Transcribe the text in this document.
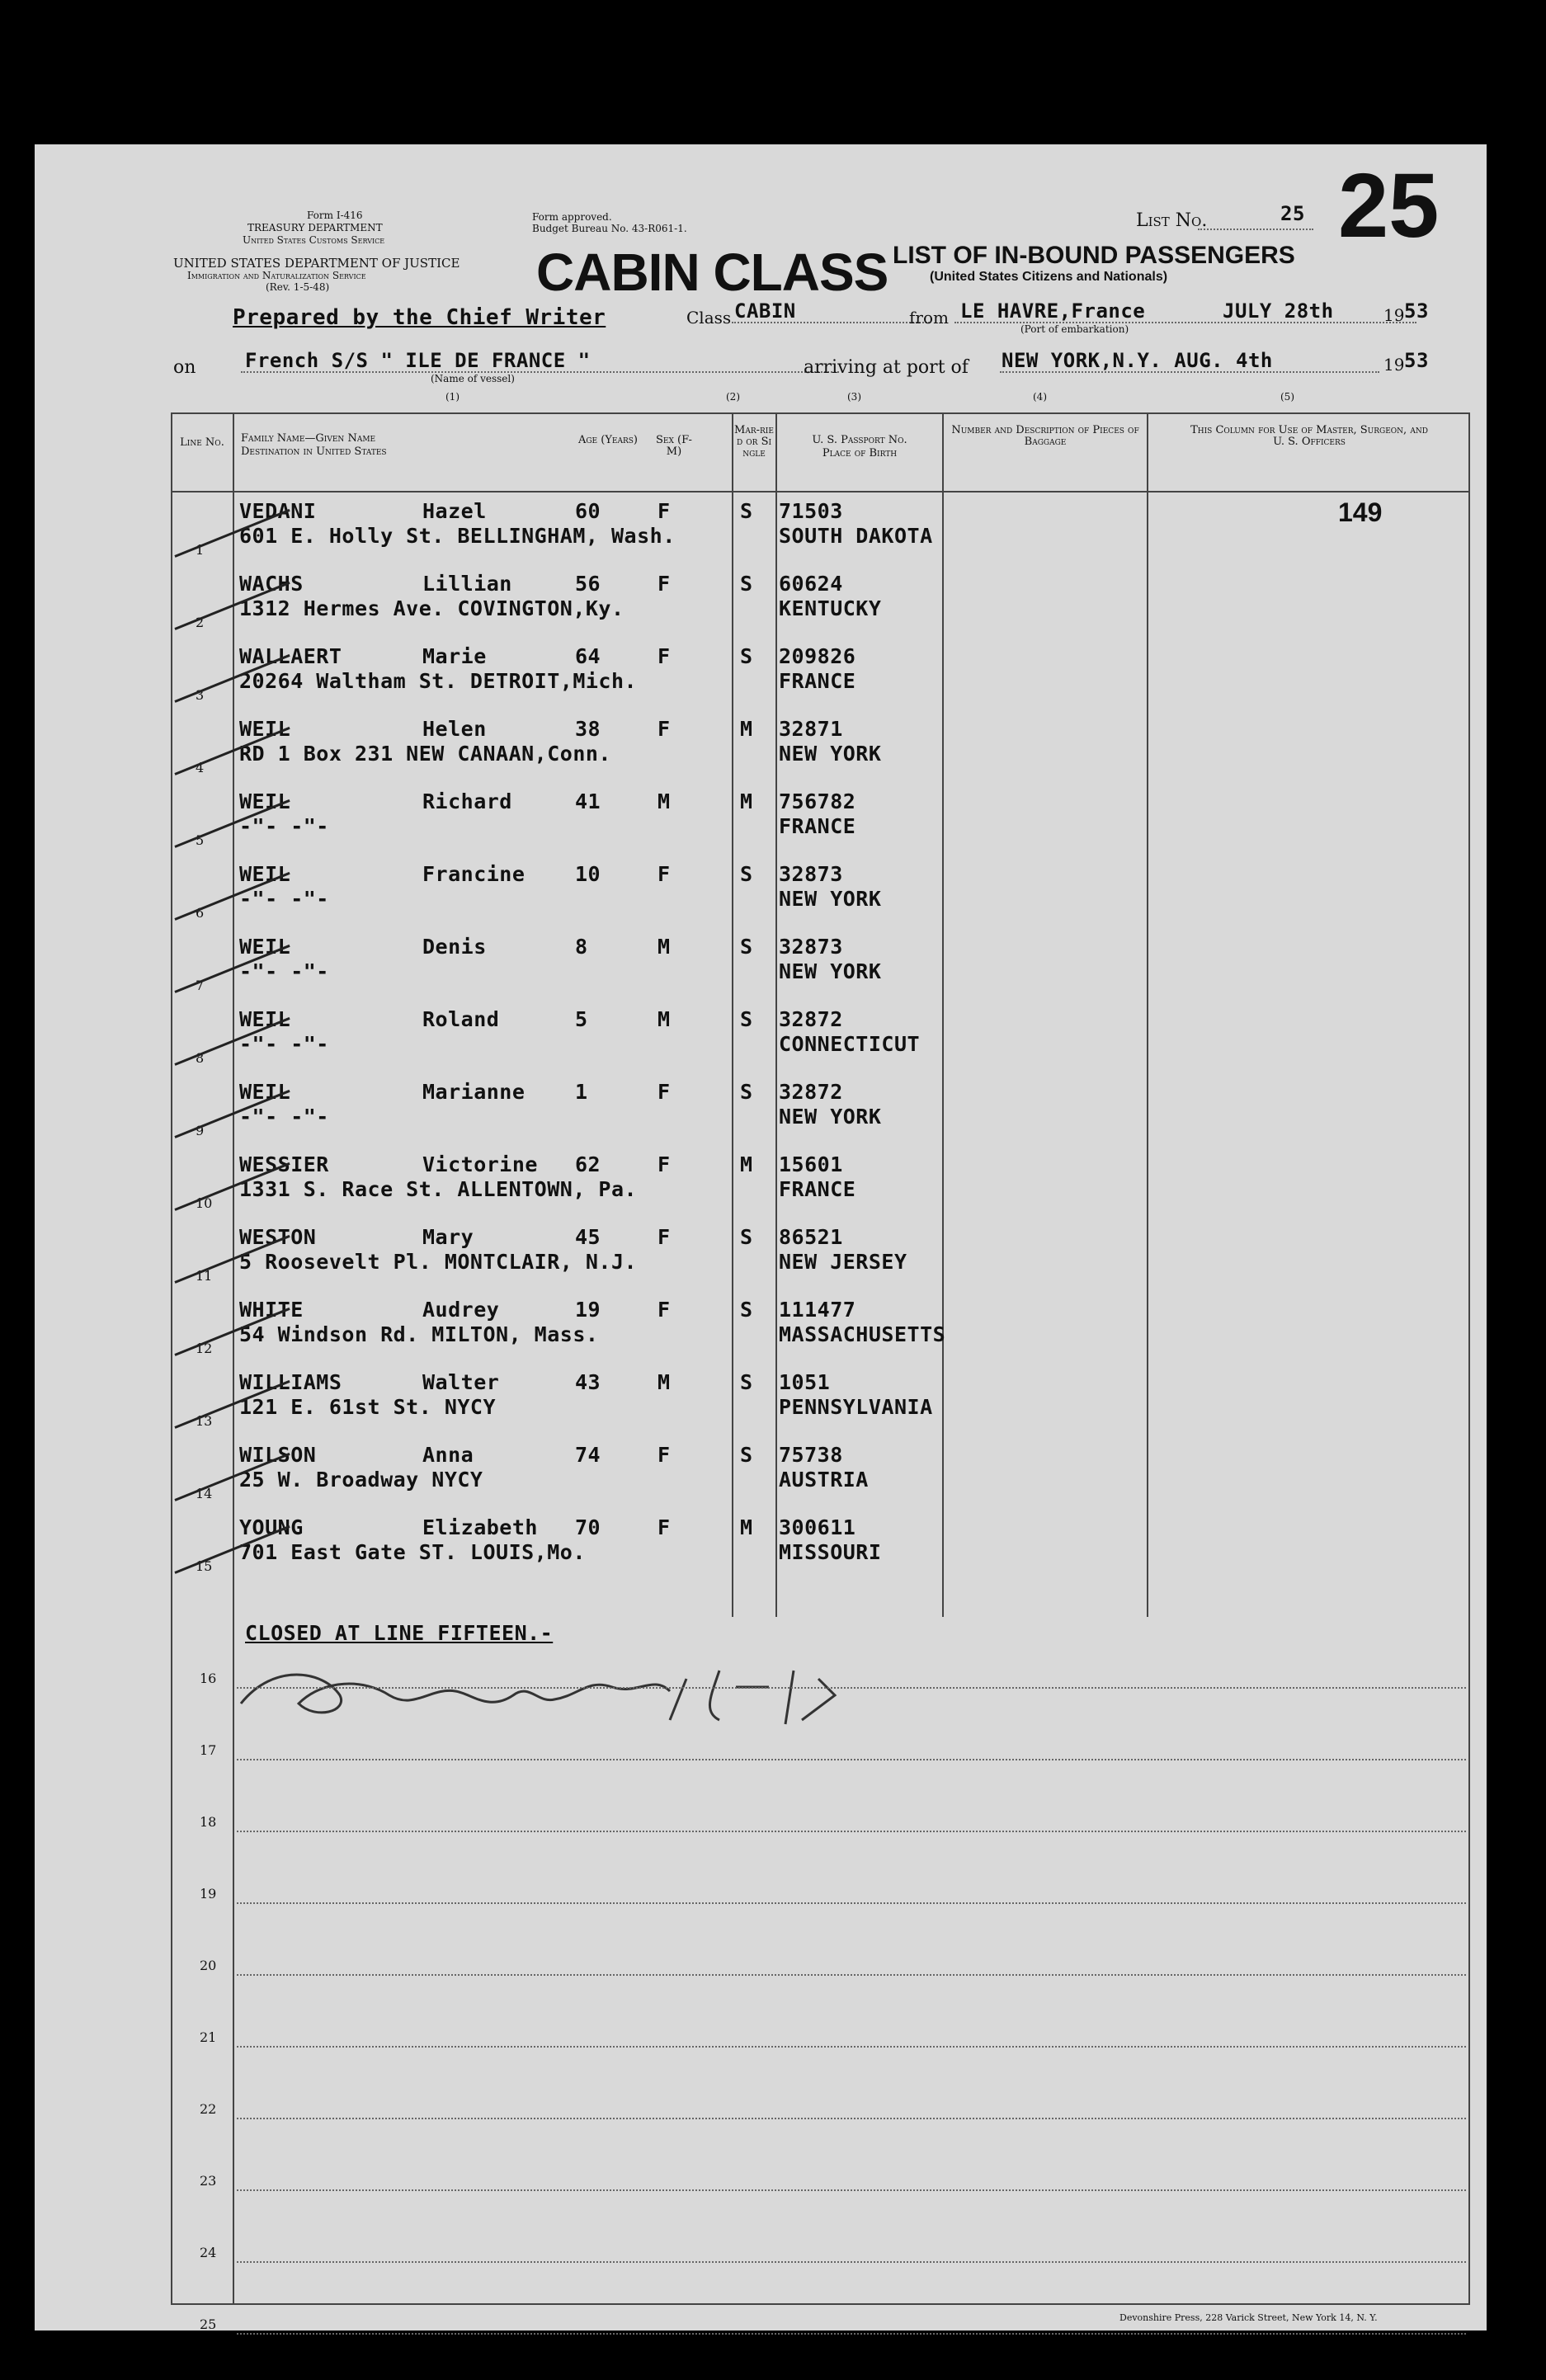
Form I-416
TREASURY DEPARTMENT
United States Customs Service
UNITED STATES DEPARTMENT OF JUSTICE
Immigration and Naturalization Service
(Rev. 1-5-48)
Form approved.
Budget Bureau No. 43-R061-1.
CABIN CLASS LIST OF IN-BOUND PASSENGERS
(United States Citizens and Nationals)
List No.	25 25
Prepared by the Chief Writer	Class CABIN	from LE HAVRE,France	JULY 28th	19 53
(Port of embarkation)
on French S/S " ILE DE FRANCE "
(Name of vessel)
arriving at port of NEW YORK,N.Y. AUG. 4th	19 53
(1)	(2)	(3)	(4)	(5)
Line No.	Family Name—Given Name
Destination in United States
Age (Years)	Sex (F-M)
Mar-ried or Single
U. S. Passport No.
Place of Birth
Number and Description of Pieces of Baggage
This Column for Use of Master, Surgeon, and U. S. Officers
149
1
VEDANI	Hazel	60	F	S 71503
601 E. Holly St. BELLINGHAM, Wash.	SOUTH DAKOTA
2
WACHS	Lillian	56	F	S 60624
1312 Hermes Ave. COVINGTON,Ky.	KENTUCKY
3
WALLAERT	Marie	64	F	S 209826
20264 Waltham St. DETROIT,Mich.	FRANCE
4
WEIL	Helen	38	F	M 32871
RD 1 Box 231 NEW CANAAN,Conn.	NEW YORK
5
WEIL	Richard	41	M	M 756782
-"- -"-	FRANCE
6
WEIL	Francine 10	F	S 32873
-"- -"-	NEW YORK
7
WEIL	Denis	8	M	S 32873
-"- -"-	NEW YORK
8
WEIL	Roland	5	M	S 32872
-"- -"-	CONNECTICUT
9
WEIL	Marianne 1	F	S 32872
-"- -"-	NEW YORK
10
WESSIER	Victorine 62	F	M 15601
1331 S. Race St. ALLENTOWN, Pa.	FRANCE
11
WESTON	Mary	45	F	S 86521
5 Roosevelt Pl. MONTCLAIR, N.J.	NEW JERSEY
12
WHITE	Audrey	19	F	S 111477
54 Windson Rd. MILTON, Mass.	MASSACHUSETTS
13
WILLIAMS	Walter	43	M	S 1051
121 E. 61st St. NYCY	PENNSYLVANIA
14
WILSON	Anna	74	F	S 75738
25 W. Broadway NYCY	AUSTRIA
15
YOUNG	Elizabeth 70	F	M 300611
701 East Gate ST. LOUIS,Mo.	MISSOURI
CLOSED AT LINE FIFTEEN.-
16
17
18
19
20
21
22
23
24
25	Devonshire Press, 228 Varick Street, New York 14, N. Y.
